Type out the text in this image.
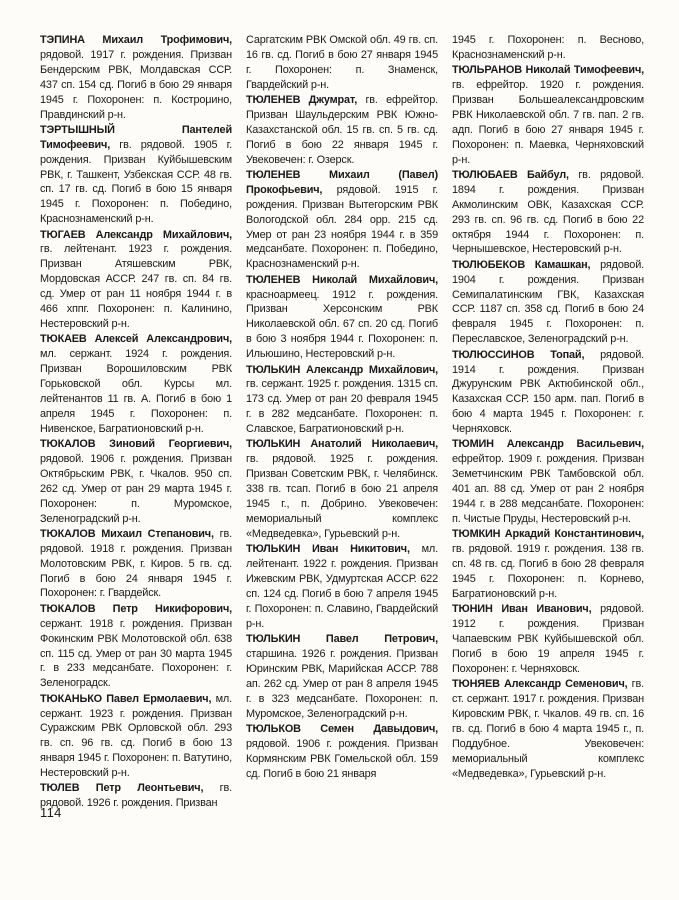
ТЭПИНА Михаил Трофимович, рядовой. 1917 г. рождения. Призван Бендерским РВК, Молдавская ССР. 437 сп. 154 сд. Погиб в бою 29 января 1945 г. Похоронен: п. Кострομино, Правдинский р-н.

ТЭРТЫШНЫЙ Пантелей Тимофеевич, гв. рядовой. 1905 г. рождения. Призван Куйбышевским РВК, г. Ташкент, Узбекская ССР. 48 гв. сп. 17 гв. сд. Погиб в бою 15 января 1945 г. Похоронен: п. Победино, Краснознаменский р-н.

ТЮГАЕВ Александр Михайлович, гв. лейтенант. 1923 г. рождения. Призван Атяшевским РВК, Мордовская АССР. 247 гв. сп. 84 гв. сд. Умер от ран 11 ноября 1944 г. в 466 хппг. Похоронен: п. Калинино, Нестеровский р-н.

ТЮКАЕВ Алексей Александрович, мл. сержант. 1924 г. рождения. Призван Ворошиловским РВК Горьковской обл. Курсы мл. лейтенантов 11 гв. А. Погиб в бою 1 апреля 1945 г. Похоронен: п. Нивенское, Багратионовский р-н.

ТЮКАЛОВ Зиновий Георгиевич, рядовой. 1906 г. рождения. Призван Октябрьским РВК, г. Чкалов. 950 сп. 262 сд. Умер от ран 29 марта 1945 г. Похоронен: п. Муромское, Зеленоградский р-н.

ТЮКАЛОВ Михаил Степанович, гв. рядовой. 1918 г. рождения. Призван Молотовским РВК, г. Киров. 5 гв. сд. Погиб в бою 24 января 1945 г. Похоронен: г. Гвардейск.

ТЮКАЛОВ Петр Никифорович, сержант. 1918 г. рождения. Призван Фокинским РВК Молотовской обл. 638 сп. 115 сд. Умер от ран 30 марта 1945 г. в 233 медсанбате. Похоронен: г. Зеленоградск.

ТЮКАНЬКО Павел Ермолаевич, мл. сержант. 1923 г. рождения. Призван Суражским РВК Орловской обл. 293 гв. сп. 96 гв. сд. Погиб в бою 13 января 1945 г. Похоронен: п. Ватутино, Нестеровский р-н.

ТЮЛЕВ Петр Леонтьевич, гв. рядовой. 1926 г. рождения. Призван

Саргатским РВК Омской обл. 49 гв. сп. 16 гв. сд. Погиб в бою 27 января 1945 г. Похоронен: п. Знаменск, Гвардейский р-н.

ТЮЛЕНЕВ Джумрат, гв. ефрейтор. Призван Шаульдерским РВК Южно-Казахстанской обл. 15 гв. сп. 5 гв. сд. Погиб в бою 22 января 1945 г. Увековечен: г. Озерск.

ТЮЛЕНЕВ Михаил (Павел) Прокофьевич, рядовой. 1915 г. рождения. Призван Вытегорским РВК Вологодской обл. 284 орр. 215 сд. Умер от ран 23 ноября 1944 г. в 359 медсанбате. Похоронен: п. Победино, Краснознаменский р-н.

ТЮЛЕНЕВ Николай Михайлович, красноармеец. 1912 г. рождения. Призван Херсонским РВК Николаевской обл. 67 сп. 20 сд. Погиб в бою 3 ноября 1944 г. Похоронен: п. Ильюшино, Нестеровский р-н.

ТЮЛЬКИН Александр Михайлович, гв. сержант. 1925 г. рождения. 1315 сп. 173 сд. Умер от ран 20 февраля 1945 г. в 282 медсанбате. Похоронен: п. Славское, Багратионовский р-н.

ТЮЛЬКИН Анатолий Николаевич, гв. рядовой. 1925 г. рождения. Призван Советским РВК, г. Челябинск. 338 гв. тсап. Погиб в бою 21 апреля 1945 г., п. Добрино. Увековечен: мемориальный комплекс «Медведевка», Гурьевский р-н.

ТЮЛЬКИН Иван Никитович, мл. лейтенант. 1922 г. рождения. Призван Ижевским РВК, Удмуртская АССР. 622 сп. 124 сд. Погиб в бою 7 апреля 1945 г. Похоронен: п. Славино, Гвардейский р-н.

ТЮЛЬКИН Павел Петрович, старшина. 1926 г. рождения. Призван Юринским РВК, Марийская АССР. 788 ап. 262 сд. Умер от ран 8 апреля 1945 г. в 323 медсанбате. Похоронен: п. Муромское, Зеленоградский р-н.

ТЮЛЬКОВ Семен Давыдович, рядовой. 1906 г. рождения. Призван Кормянским РВК Гомельской обл. 159 сд. Погиб в бою 21 января

1945 г. Похоронен: п. Весново, Краснознаменский р-н.

ТЮЛЬРАНОВ Николай Тимофеевич, гв. ефрейтор. 1920 г. рождения. Призван Большеалександровским РВК Николаевской обл. 7 гв. пап. 2 гв. адп. Погиб в бою 27 января 1945 г. Похоронен: п. Маевка, Черняховский р-н.

ТЮЛЮБАЕВ Байбул, гв. рядовой. 1894 г. рождения. Призван Акмолинским ОВК, Казахская ССР. 293 гв. сп. 96 гв. сд. Погиб в бою 22 октября 1944 г. Похоронен: п. Чернышевское, Нестеровский р-н.

ТЮЛЮБЕКОВ Камашкан, рядовой. 1904 г. рождения. Призван Семипалатинским ГВК, Казахская ССР. 1187 сп. 358 сд. Погиб в бою 24 февраля 1945 г. Похоронен: п. Переславское, Зеленоградский р-н.

ТЮЛЮССИНОВ Топай, рядовой. 1914 г. рождения. Призван Джурунским РВК Актюбинской обл., Казахская ССР. 150 арм. пап. Погиб в бою 4 марта 1945 г. Похоронен: г. Черняховск.

ТЮМИН Александр Васильевич, ефрейтор. 1909 г. рождения. Призван Земетчинским РВК Тамбовской обл. 401 ап. 88 сд. Умер от ран 2 ноября 1944 г. в 288 медсанбате. Похоронен: п. Чистые Пруды, Нестеровский р-н.

ТЮМКИН Аркадий Константинович, гв. рядовой. 1919 г. рождения. 138 гв. сп. 48 гв. сд. Погиб в бою 28 февраля 1945 г. Похоронен: п. Корнево, Багратионовский р-н.

ТЮНИН Иван Иванович, рядовой. 1912 г. рождения. Призван Чапаевским РВК Куйбышевской обл. Погиб в бою 19 апреля 1945 г. Похоронен: г. Черняховск.

ТЮНЯЕВ Александр Семенович, гв. ст. сержант. 1917 г. рождения. Призван Кировским РВК, г. Чкалов. 49 гв. сп. 16 гв. сд. Погиб в бою 4 марта 1945 г., п. Поддубное. Увековечен: мемориальный комплекс «Медведевка», Гурьевский р-н.

114
